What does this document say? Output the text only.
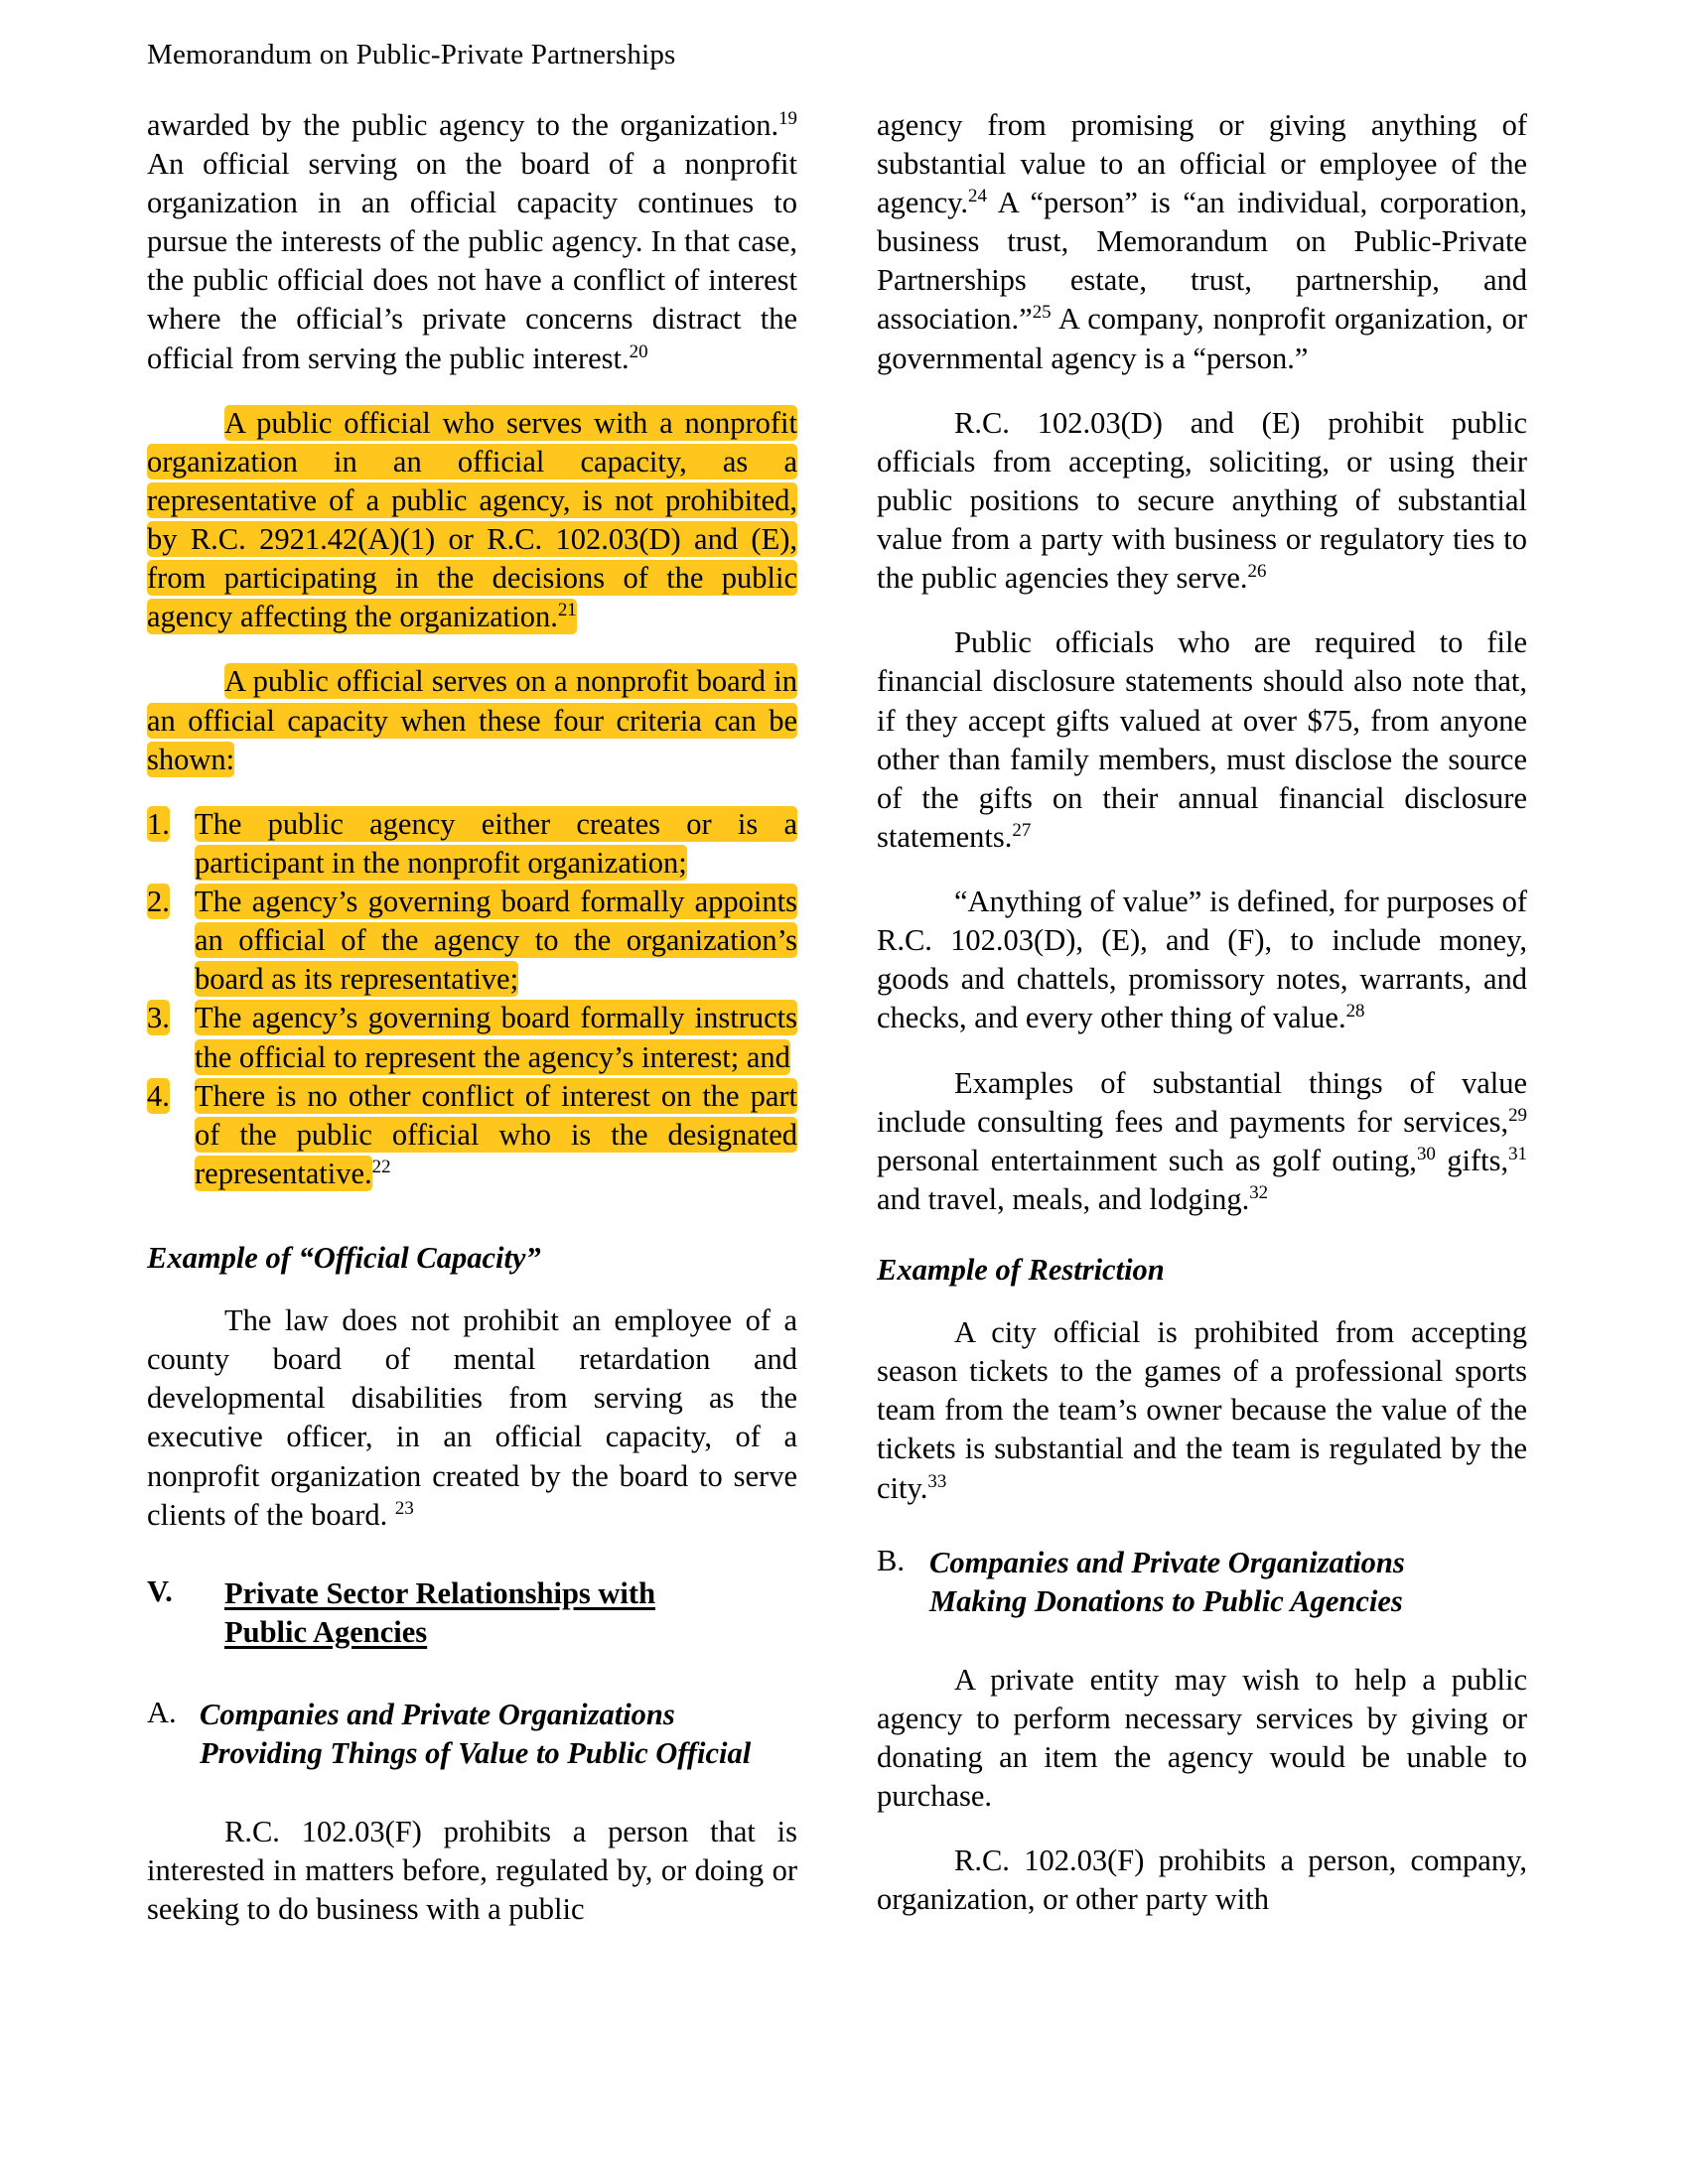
Memorandum on Public-Private Partnerships

awarded by the public agency to the organization.$^{19}$ An official serving on the board of a nonprofit organization in an official capacity continues to pursue the interests of the public agency. In that case, the public official does not have a conflict of interest where the official’s private concerns distract the official from serving the public interest.$^{20}$

A public official who serves with a nonprofit organization in an official capacity, as a representative of a public agency, is not prohibited, by R.C. 2921.42(A)(1) or R.C. 102.03(D) and (E), from participating in the decisions of the public agency affecting the organization.$^{21}$

A public official serves on a nonprofit board in an official capacity when these four criteria can be shown:

1. The public agency either creates or is a participant in the nonprofit organization;
2. The agency’s governing board formally appoints an official of the agency to the organization’s board as its representative;
3. The agency’s governing board formally instructs the official to represent the agency’s interest; and
4. There is no other conflict of interest on the part of the public official who is the designated representative.$^{22}$
Example of “Official Capacity”

The law does not prohibit an employee of a county board of mental retardation and developmental disabilities from serving as the executive officer, in an official capacity, of a nonprofit organization created by the board to serve clients of the board. $^{23}$

V.	Private Sector Relationships with
Public Agencies
A. Companies and Private Organizations
Providing Things of Value to Public Official

R.C. 102.03(F) prohibits a person that is interested in matters before, regulated by, or doing or seeking to do business with a public

agency from promising or giving anything of substantial value to an official or employee of the agency.$^{24}$ A “person” is “an individual, corporation, business trust, Memorandum on Public-Private Partnerships estate, trust, partnership, and association.”$^{25}$ A company, nonprofit organization, or governmental agency is a “person.”

R.C. 102.03(D) and (E) prohibit public officials from accepting, soliciting, or using their public positions to secure anything of substantial value from a party with business or regulatory ties to the public agencies they serve.$^{26}$

Public officials who are required to file financial disclosure statements should also note that, if they accept gifts valued at over $75, from anyone other than family members, must disclose the source of the gifts on their annual financial disclosure statements.$^{27}$

“Anything of value” is defined, for purposes of R.C. 102.03(D), (E), and (F), to include money, goods and chattels, promissory notes, warrants, and checks, and every other thing of value.$^{28}$

Examples of substantial things of value include consulting fees and payments for services,$^{29}$ personal entertainment such as golf outing,$^{30}$ gifts,$^{31}$ and travel, meals, and lodging.$^{32}$

Example of Restriction

A city official is prohibited from accepting season tickets to the games of a professional sports team from the team’s owner because the value of the tickets is substantial and the team is regulated by the city.$^{33}$

B. Companies and Private Organizations
Making Donations to Public Agencies

A private entity may wish to help a public agency to perform necessary services by giving or donating an item the agency would be unable to purchase.

R.C. 102.03(F) prohibits a person, company, organization, or other party with
